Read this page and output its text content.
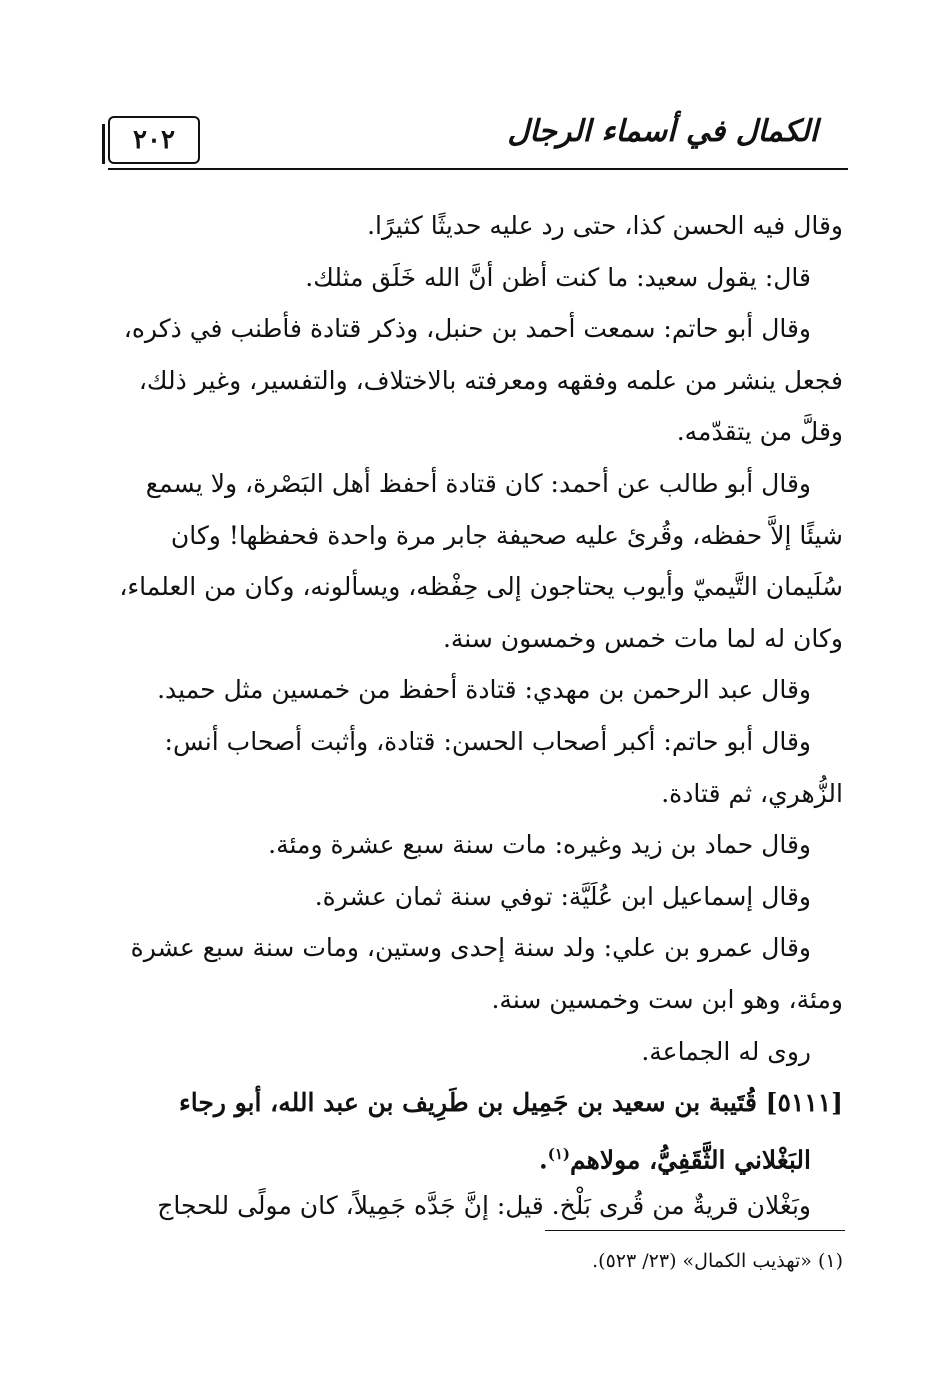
٢٠٢	الكمال في أسماء الرجال
وقال فيه الحسن كذا، حتى رد عليه حديثًا كثيرًا.
قال: يقول سعيد: ما كنت أظن أنَّ الله خَلَق مثلك.
وقال أبو حاتم: سمعت أحمد بن حنبل، وذكر قتادة فأطنب في ذكره،
فجعل ينشر من علمه وفقهه ومعرفته بالاختلاف، والتفسير، وغير ذلك،
وقلَّ من يتقدّمه.
وقال أبو طالب عن أحمد: كان قتادة أحفظ أهل البَصْرة، ولا يسمع
شيئًا إلاَّ حفظه، وقُرئ عليه صحيفة جابر مرة واحدة فحفظها! وكان
سُلَيمان التَّيميّ وأيوب يحتاجون إلى حِفْظه، ويسألونه، وكان من العلماء،
وكان له لما مات خمس وخمسون سنة.
وقال عبد الرحمن بن مهدي: قتادة أحفظ من خمسين مثل حميد.
وقال أبو حاتم: أكبر أصحاب الحسن: قتادة، وأثبت أصحاب أنس:
الزُّهري، ثم قتادة.
وقال حماد بن زيد وغيره: مات سنة سبع عشرة ومئة.
وقال إسماعيل ابن عُلَيَّة: توفي سنة ثمان عشرة.
وقال عمرو بن علي: ولد سنة إحدى وستين، ومات سنة سبع عشرة
ومئة، وهو ابن ست وخمسين سنة.
روى له الجماعة.
[٥١١١] قُتَيبة بن سعيد بن جَمِيل بن طَرِيف بن عبد الله، أبو رجاء
البَغْلاني الثَّقَفِيُّ، مولاهم$^{(١)}$.
وبَغْلان قريةٌ من قُرى بَلْخ. قيل: إنَّ جَدَّه جَمِيلاً، كان مولًى للحجاج
(١) «تهذيب الكمال» (٢٣/ ٥٢٣).
